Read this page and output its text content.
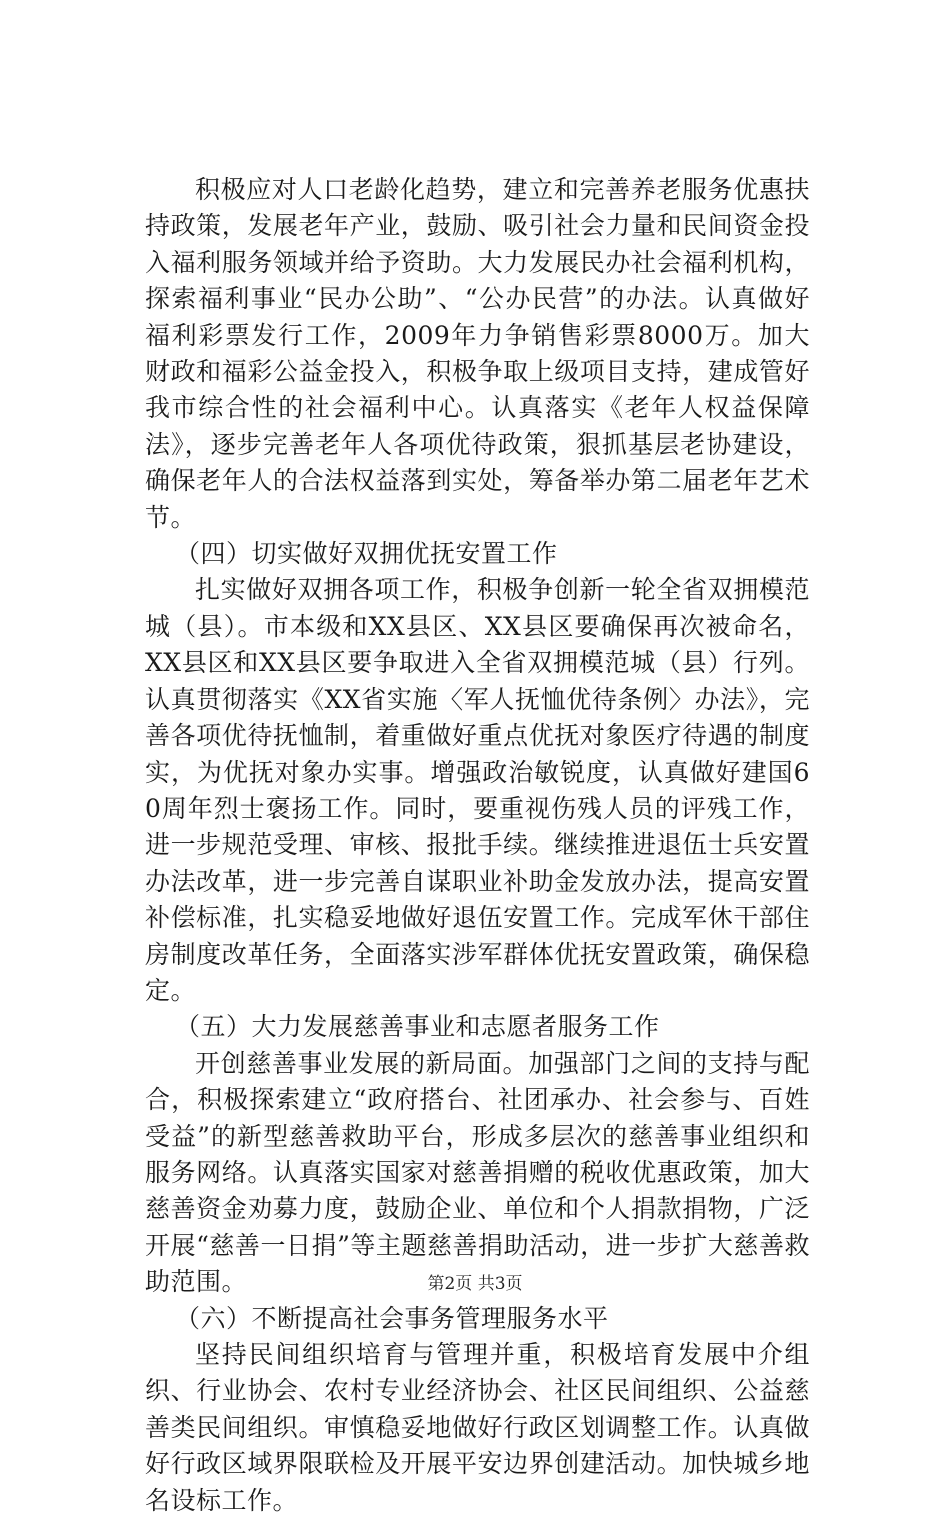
积极应对人口老龄化趋势，建立和完善养老服务优惠扶持政策，发展老年产业，鼓励、吸引社会力量和民间资金投入福利服务领域并给予资助。大力发展民办社会福利机构，探索福利事业“民办公助”、“公办民营”的办法。认真做好福利彩票发行工作，2009年力争销售彩票8000万。加大财政和福彩公益金投入，积极争取上级项目支持，建成管好我市综合性的社会福利中心。认真落实《老年人权益保障法》，逐步完善老年人各项优待政策，狠抓基层老协建设，确保老年人的合法权益落到实处，筹备举办第二届老年艺术节。

（四）切实做好双拥优抚安置工作

扎实做好双拥各项工作，积极争创新一轮全省双拥模范城（县）。市本级和XX县区、XX县区要确保再次被命名，XX县区和XX县区要争取进入全省双拥模范城（县）行列。认真贯彻落实《XX省实施〈军人抚恤优待条例〉办法》，完善各项优待抚恤制，着重做好重点优抚对象医疗待遇的制度实，为优抚对象办实事。增强政治敏锐度，认真做好建国60周年烈士褒扬工作。同时，要重视伤残人员的评残工作，进一步规范受理、审核、报批手续。继续推进退伍士兵安置办法改革，进一步完善自谋职业补助金发放办法，提高安置补偿标准，扎实稳妥地做好退伍安置工作。完成军休干部住房制度改革任务，全面落实涉军群体优抚安置政策，确保稳定。

（五）大力发展慈善事业和志愿者服务工作

开创慈善事业发展的新局面。加强部门之间的支持与配合，积极探索建立“政府搭台、社团承办、社会参与、百姓受益”的新型慈善救助平台，形成多层次的慈善事业组织和服务网络。认真落实国家对慈善捐赠的税收优惠政策，加大慈善资金劝募力度，鼓励企业、单位和个人捐款捐物，广泛开展“慈善一日捐”等主题慈善捐助活动，进一步扩大慈善救助范围。

（六）不断提高社会事务管理服务水平

坚持民间组织培育与管理并重，积极培育发展中介组织、行业协会、农村专业经济协会、社区民间组织、公益慈善类民间组织。审慎稳妥地做好行政区划调整工作。认真做好行政区域界限联检及开展平安边界创建活动。加快城乡地名设标工作。

第2页 共3页
